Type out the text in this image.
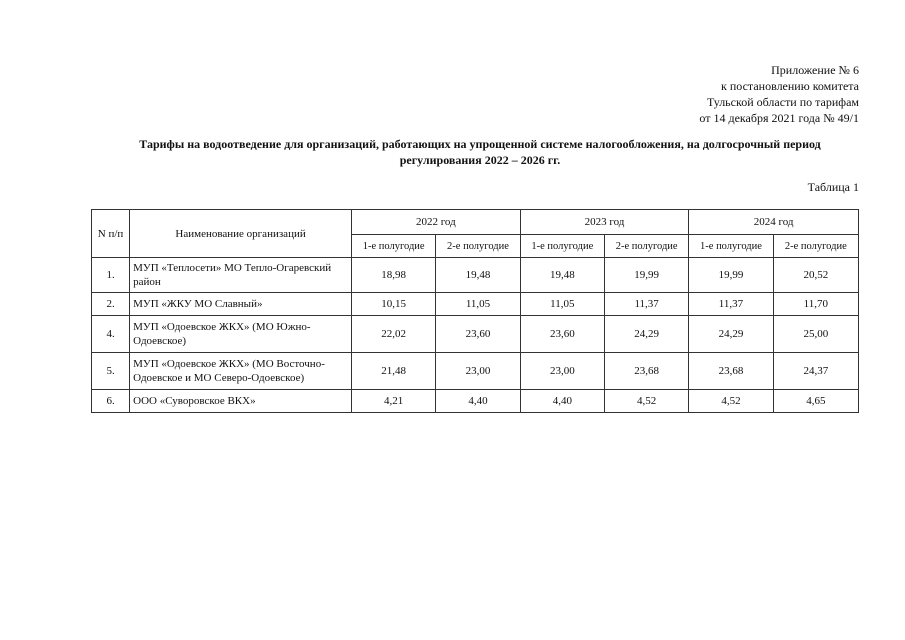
Приложение № 6
к постановлению комитета
Тульской области по тарифам
от 14 декабря 2021 года № 49/1
Тарифы на водоотведение для организаций, работающих на упрощенной системе налогообложения, на долгосрочный период
регулирования 2022 – 2026 гг.
Таблица 1
N п/п	Наименование организаций	2022 год		2023 год		2024 год	
		1-е полугодие	2-е полугодие	1-е полугодие	2-е полугодие	1-е полугодие	2-е полугодие
1.	МУП «Теплосети» МО Тепло-Огаревский район	18,98	19,48	19,48	19,99	19,99	20,52
2.	МУП «ЖКУ МО Славный»	10,15	11,05	11,05	11,37	11,37	11,70
4.	МУП «Одоевское ЖКХ» (МО Южно-Одоевское)	22,02	23,60	23,60	24,29	24,29	25,00
5.	МУП «Одоевское ЖКХ» (МО Восточно-Одоевское и МО Северо-Одоевское)	21,48	23,00	23,00	23,68	23,68	24,37
6.	ООО «Суворовское ВКХ»	4,21	4,40	4,40	4,52	4,52	4,65
